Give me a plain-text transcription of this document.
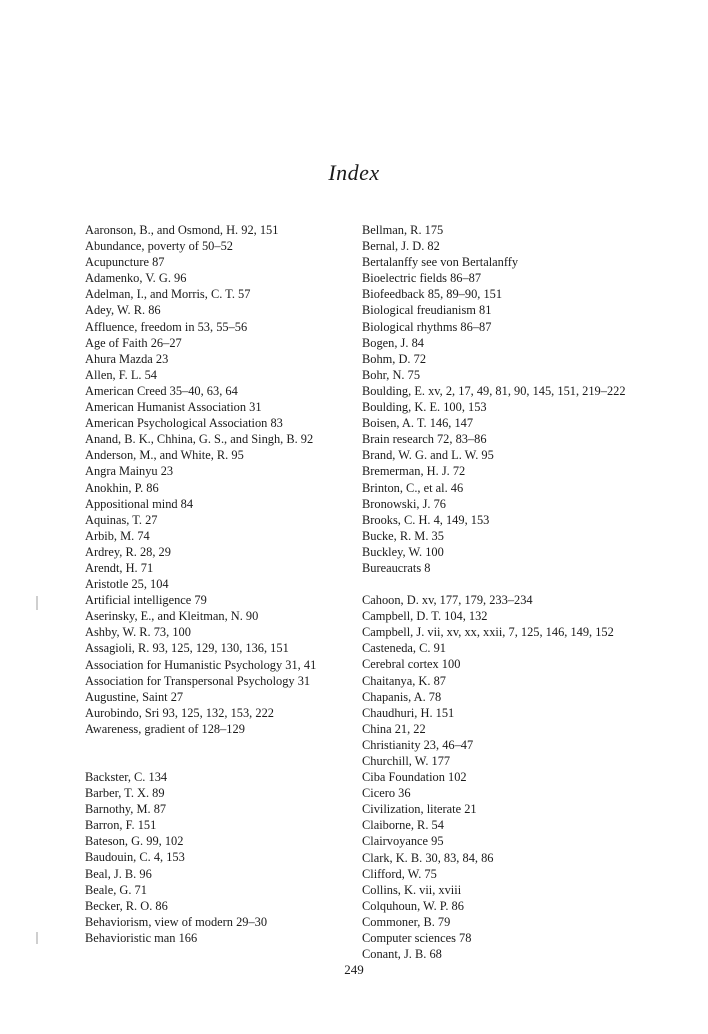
Index
Aaronson, B., and Osmond, H. 92, 151
Abundance, poverty of 50–52
Acupuncture 87
Adamenko, V. G. 96
Adelman, I., and Morris, C. T. 57
Adey, W. R. 86
Affluence, freedom in 53, 55–56
Age of Faith 26–27
Ahura Mazda 23
Allen, F. L. 54
American Creed 35–40, 63, 64
American Humanist Association 31
American Psychological Association 83
Anand, B. K., Chhina, G. S., and Singh, B. 92
Anderson, M., and White, R. 95
Angra Mainyu 23
Anokhin, P. 86
Appositional mind 84
Aquinas, T. 27
Arbib, M. 74
Ardrey, R. 28, 29
Arendt, H. 71
Aristotle 25, 104
Artificial intelligence 79
Aserinsky, E., and Kleitman, N. 90
Ashby, W. R. 73, 100
Assagioli, R. 93, 125, 129, 130, 136, 151
Association for Humanistic Psychology 31, 41
Association for Transpersonal Psychology 31
Augustine, Saint 27
Aurobindo, Sri 93, 125, 132, 153, 222
Awareness, gradient of 128–129
Backster, C. 134
Barber, T. X. 89
Barnothy, M. 87
Barron, F. 151
Bateson, G. 99, 102
Baudouin, C. 4, 153
Beal, J. B. 96
Beale, G. 71
Becker, R. O. 86
Behaviorism, view of modern 29–30
Behavioristic man 166
Bellman, R. 175
Bernal, J. D. 82
Bertalanffy see von Bertalanffy
Bioelectric fields 86–87
Biofeedback 85, 89–90, 151
Biological freudianism 81
Biological rhythms 86–87
Bogen, J. 84
Bohm, D. 72
Bohr, N. 75
Boulding, E. xv, 2, 17, 49, 81, 90, 145, 151, 219–222
Boulding, K. E. 100, 153
Boisen, A. T. 146, 147
Brain research 72, 83–86
Brand, W. G. and L. W. 95
Bremerman, H. J. 72
Brinton, C., et al. 46
Bronowski, J. 76
Brooks, C. H. 4, 149, 153
Bucke, R. M. 35
Buckley, W. 100
Bureaucrats 8
Cahoon, D. xv, 177, 179, 233–234
Campbell, D. T. 104, 132
Campbell, J. vii, xv, xx, xxii, 7, 125, 146, 149, 152
Casteneda, C. 91
Cerebral cortex 100
Chaitanya, K. 87
Chapanis, A. 78
Chaudhuri, H. 151
China 21, 22
Christianity 23, 46–47
Churchill, W. 177
Ciba Foundation 102
Cicero 36
Civilization, literate 21
Claiborne, R. 54
Clairvoyance 95
Clark, K. B. 30, 83, 84, 86
Clifford, W. 75
Collins, K. vii, xviii
Colquhoun, W. P. 86
Commoner, B. 79
Computer sciences 78
Conant, J. B. 68
249
